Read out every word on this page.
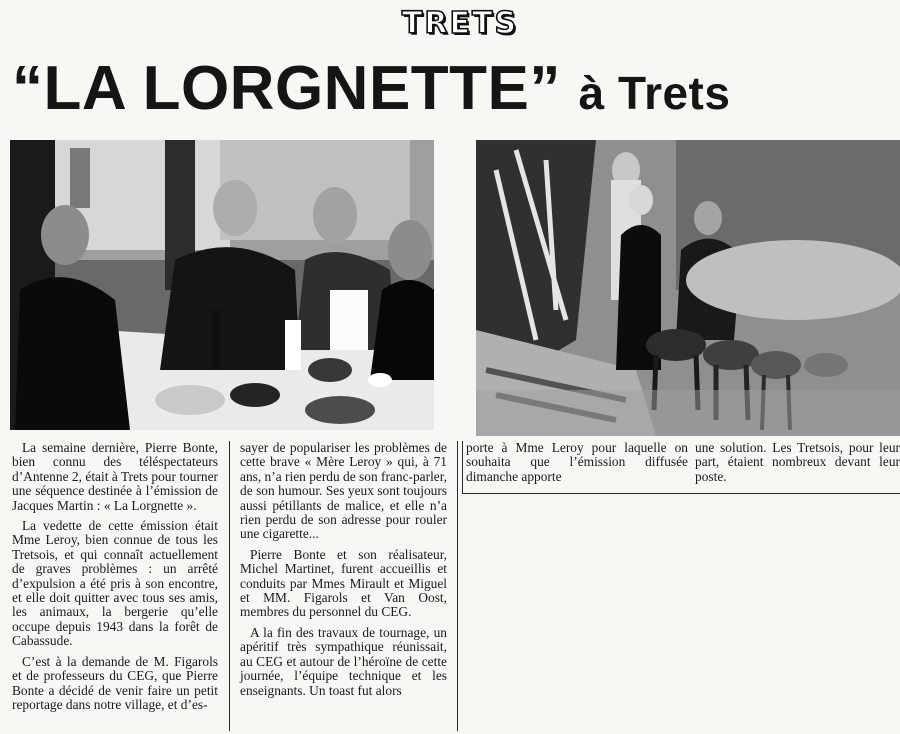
TRETS
“LA LORGNETTE” à Trets

La semaine dernière, Pierre Bonte, bien connu des téléspectateurs d’Antenne 2, était à Trets pour tourner une séquence destinée à l’émission de Jacques Martin : « La Lorgnette ».

La vedette de cette émission était Mme Leroy, bien connue de tous les Tretsois, et qui connaît actuellement de graves problèmes : un arrêté d’expulsion a été pris à son encontre, et elle doit quitter avec tous ses amis, les animaux, la bergerie qu’elle occupe depuis 1943 dans la forêt de Cabassude.

C’est à la demande de M. Figarols et de professeurs du CEG, que Pierre Bonte a décidé de venir faire un petit reportage dans notre village, et d’es-

sayer de populariser les problèmes de cette brave « Mère Leroy » qui, à 71 ans, n’a rien perdu de son franc-parler, de son humour. Ses yeux sont toujours aussi pétillants de malice, et elle n’a rien perdu de son adresse pour rouler une cigarette...

Pierre Bonte et son réalisateur, Michel Martinet, furent accueillis et conduits par Mmes Mirault et Miguel et MM. Figarols et Van Oost, membres du personnel du CEG.

A la fin des travaux de tournage, un apéritif très sympathique réunissait, au CEG et autour de l’héroïne de cette journée, l’équipe technique et les enseignants. Un toast fut alors

porte à Mme Leroy pour laquelle on souhaita que l’émission diffusée dimanche apporte

une solution. Les Tretsois, pour leur part, étaient nombreux devant leur poste.
